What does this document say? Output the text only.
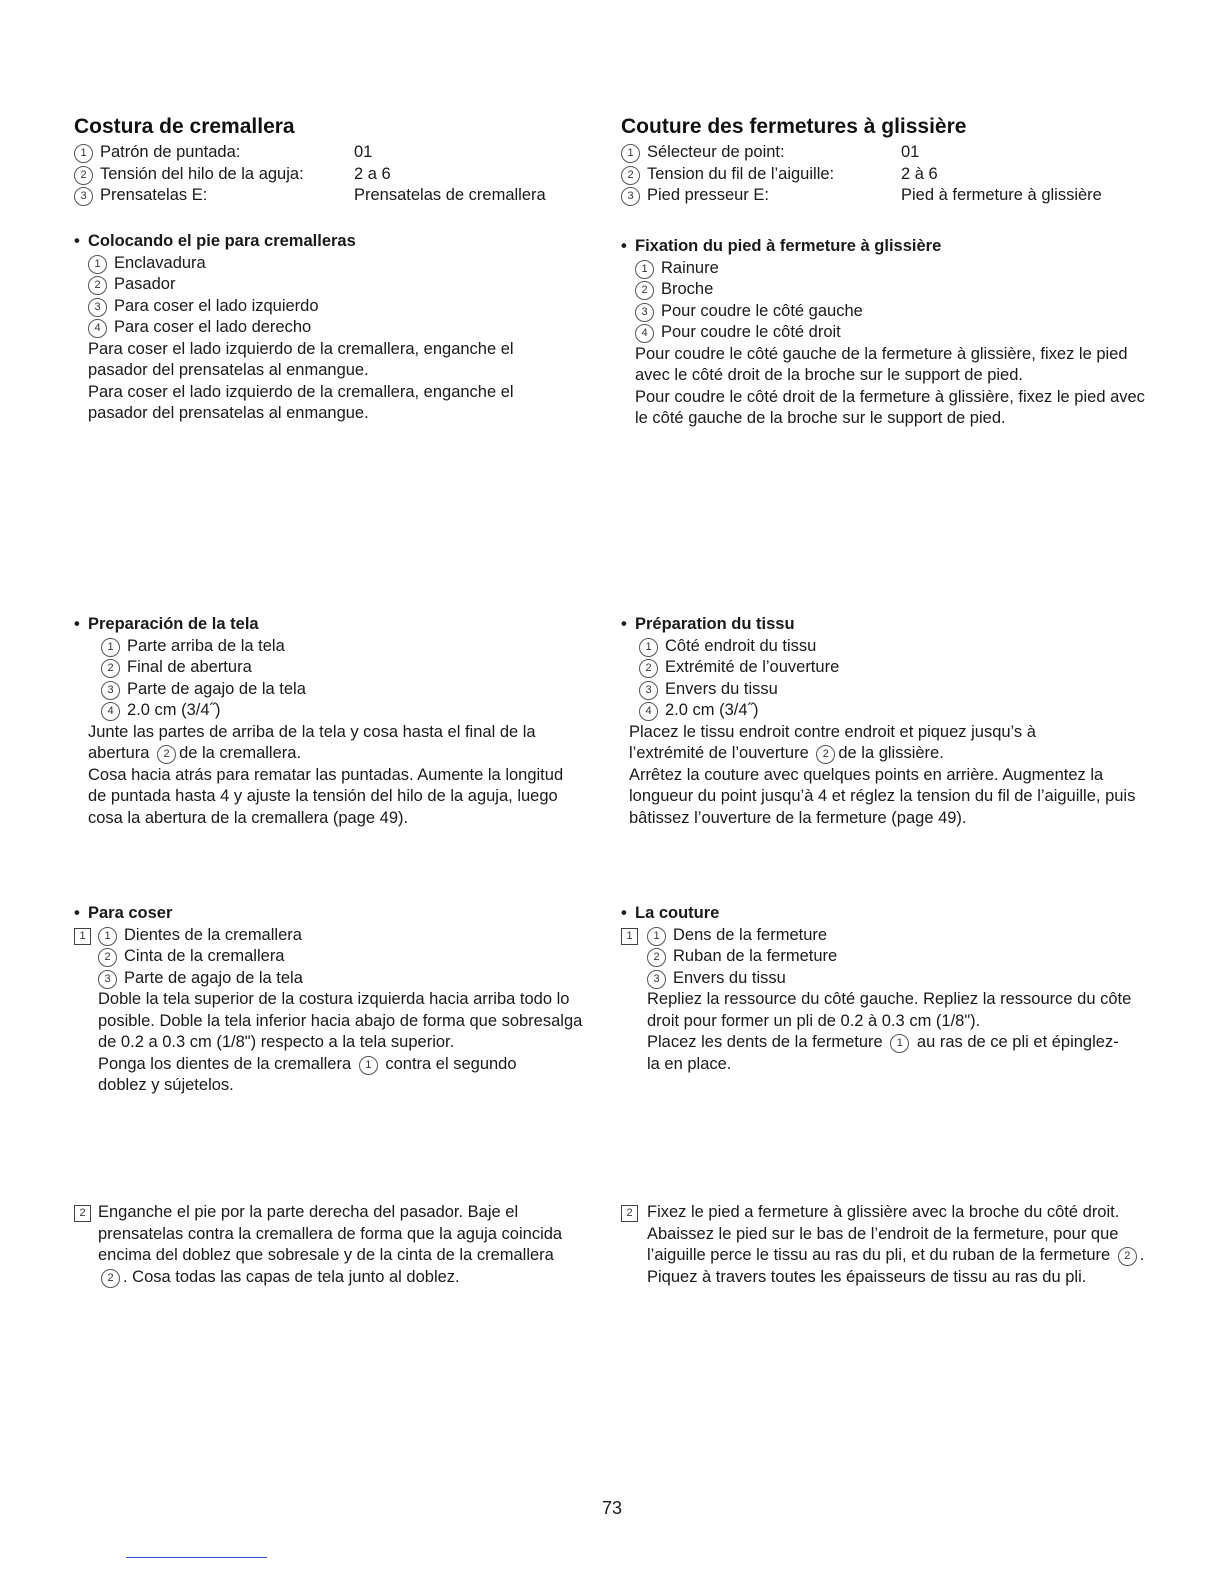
Costura de cremallera
1 Patrón de puntada:	01
2 Tensión del hilo de la aguja:	2 a 6
3 Prensatelas E:	Prensatelas de cremallera
• Colocando el pie para cremalleras

1 Enclavadura

2 Pasador

3 Para coser el lado izquierdo

4 Para coser el lado derecho

Para coser el lado izquierdo de la cremallera, enganche el pasador del prensatelas al enmangue.

Para coser el lado izquierdo de la cremallera, enganche el pasador del prensatelas al enmangue.

• Preparación de la tela

1 Parte arriba de la tela

2 Final de abertura

3 Parte de agajo de la tela

4 2.0 cm (3/4˝)

Junte las partes de arriba de la tela y cosa hasta el final de la abertura 2 de la cremallera.

Cosa hacia atrás para rematar las puntadas. Aumente la longitud de puntada hasta 4 y ajuste la tensión del hilo de la aguja, luego cosa la abertura de la cremallera (page 49).

• Para coser
1	1 Dientes de la cremallera

2 Cinta de la cremallera

3 Parte de agajo de la tela

Doble la tela superior de la costura izquierda hacia arriba todo lo posible. Doble la tela inferior hacia abajo de forma que sobresalga de 0.2 a 0.3 cm (1/8") respecto a la tela superior.

Ponga los dientes de la cremallera 1 contra el segundo doblez y sújetelos.

2 Enganche el pie por la parte derecha del pasador. Baje el prensatelas contra la cremallera de forma que la aguja coincida encima del doblez que sobresale y de la cinta de la cremallera 2 . Cosa todas las capas de tela junto al doblez.

Couture des fermetures à glissière
1 Sélecteur de point:	01
2 Tension du fil de l’aiguille:	2 à 6
3 Pied presseur E:	Pied à fermeture à glissière
• Fixation du pied à fermeture à glissière

1 Rainure

2 Broche

3 Pour coudre le côté gauche

4 Pour coudre le côté droit

Pour coudre le côté gauche de la fermeture à glissière, fixez le pied avec le côté droit de la broche sur le support de pied.

Pour coudre le côté droit de la fermeture à glissière, fixez le pied avec le côté gauche de la broche sur le support de pied.

• Préparation du tissu

1 Côté endroit du tissu

2 Extrémité de l’ouverture

3 Envers du tissu

4 2.0 cm (3/4˝)

Placez le tissu endroit contre endroit et piquez jusqu’s à l’extrémité de l’ouverture 2 de la glissière.

Arrêtez la couture avec quelques points en arrière. Augmentez la longueur du point jusqu’à 4 et réglez la tension du fil de l’aiguille, puis bâtissez l’ouverture de la fermeture (page 49).

• La couture
1	1 Dens de la fermeture

2 Ruban de la fermeture

3 Envers du tissu

Repliez la ressource du côté gauche. Repliez la ressource du côte droit pour former un pli de 0.2 à 0.3 cm (1/8").

Placez les dents de la fermeture 1 au ras de ce pli et épinglez-la en place.

2 Fixez le pied a fermeture à glissière avec la broche du côté droit. Abaissez le pied sur le bas de l’endroit de la fermeture, pour que l’aiguille perce le tissu au ras du pli, et du ruban de la fermeture 2 .

Piquez à travers toutes les épaisseurs de tissu au ras du pli.

73
